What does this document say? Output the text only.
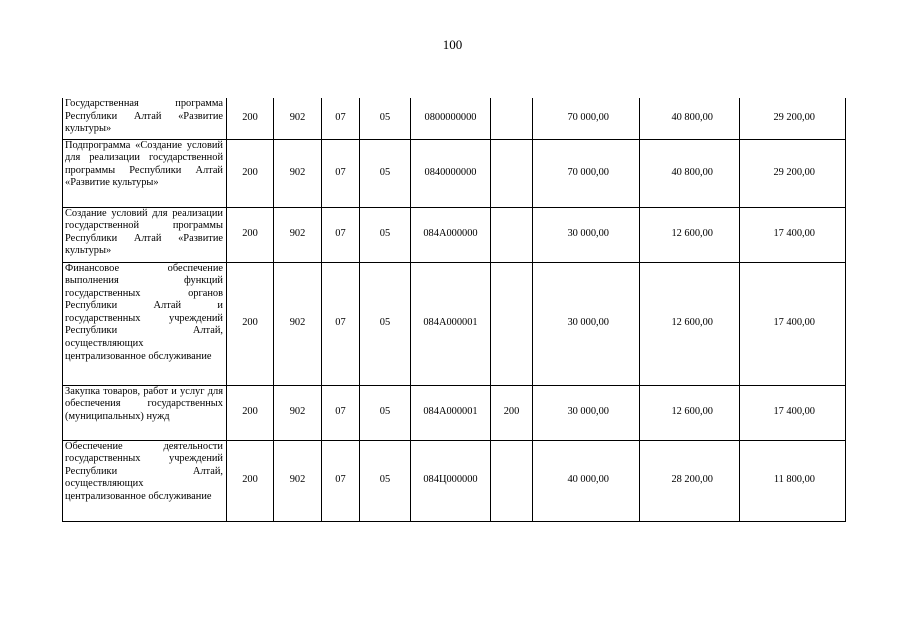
100
Государственная программа Республики Алтай «Развитие культуры»	200	902	07	05	0800000000		70 000,00	40 800,00	29 200,00
Подпрограмма «Создание условий для реализации государственной программы Республики Алтай «Развитие культуры»	200	902	07	05	0840000000		70 000,00	40 800,00	29 200,00
Создание условий для реализации государственной программы Республики Алтай «Развитие культуры»	200	902	07	05	084А000000		30 000,00	12 600,00	17 400,00
Финансовое обеспечение выполнения функций государственных органов Республики Алтай и государственных учреждений Республики Алтай, осуществляющих централизованное обслуживание	200	902	07	05	084А000001		30 000,00	12 600,00	17 400,00
Закупка товаров, работ и услуг для обеспечения государственных (муниципальных) нужд	200	902	07	05	084А000001	200	30 000,00	12 600,00	17 400,00
Обеспечение деятельности государственных учреждений Республики Алтай, осуществляющих централизованное обслуживание	200	902	07	05	084Ц000000		40 000,00	28 200,00	11 800,00
